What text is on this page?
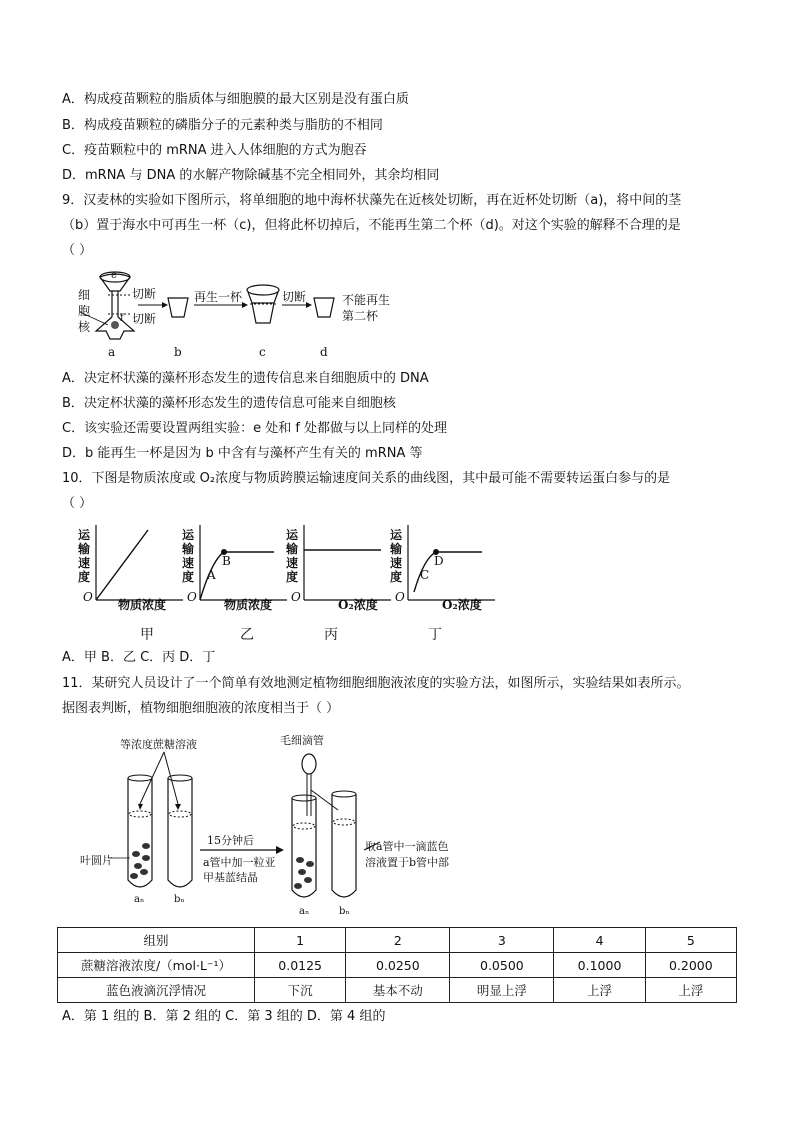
A．构成疫苗颗粒的脂质体与细胞膜的最大区别是没有蛋白质
B．构成疫苗颗粒的磷脂分子的元素种类与脂肪的不相同
C．疫苗颗粒中的 mRNA 进入人体细胞的方式为胞吞
D．mRNA 与 DNA 的水解产物除碱基不完全相同外，其余均相同
9．汉麦林的实验如下图所示，将单细胞的地中海杯状藻先在近核处切断，再在近杯处切断（a)，将中间的茎
（b）置于海水中可再生一杯（c)，但将此杯切掉后，不能再生第二个杯（d)。对这个实验的解释不合理的是
（ ）
细
胞
核
e
f
切断
切断
再生一杯	切断	不能再生
第二杯
a	b	c	d
A．决定杯状藻的藻杯形态发生的遗传信息来自细胞质中的 DNA
B．决定杯状藻的藻杯形态发生的遗传信息可能来自细胞核
C．该实验还需要设置两组实验：e 处和 f 处都做与以上同样的处理
D．b 能再生一杯是因为 b 中含有与藻杯产生有关的 mRNA 等
10．下图是物质浓度或 O₂浓度与物质跨膜运输速度间关系的曲线图，其中最可能不需要转运蛋白参与的是
（ ）
运
输
速
度
O
物质浓度
甲
运
输
速
度
O
A
B
物质浓度
乙
运
输
速
度
O
O₂浓度
丙
运
输
速
度
O
C
D
O₂浓度
丁
A．甲 B．乙 C．丙 D．丁
11．某研究人员设计了一个简单有效地测定植物细胞细胞液浓度的实验方法，如图所示，实验结果如表所示。
据图表判断，植物细胞细胞液的浓度相当于（ ）
等浓度蔗糖溶液
叶圆片
15分钟后
a管中加一粒亚
甲基蓝结晶
毛细滴管
取a管中一滴蓝色
溶液置于b管中部
aₙ	bₙ
aₙ	bₙ
组别	1	2	3	4	5
蔗糖溶液浓度/（mol·L⁻¹）	0.0125	0.0250	0.0500	0.1000	0.2000
蓝色液滴沉浮情况	下沉	基本不动	明显上浮	上浮	上浮
A．第 1 组的 B．第 2 组的 C．第 3 组的 D．第 4 组的
